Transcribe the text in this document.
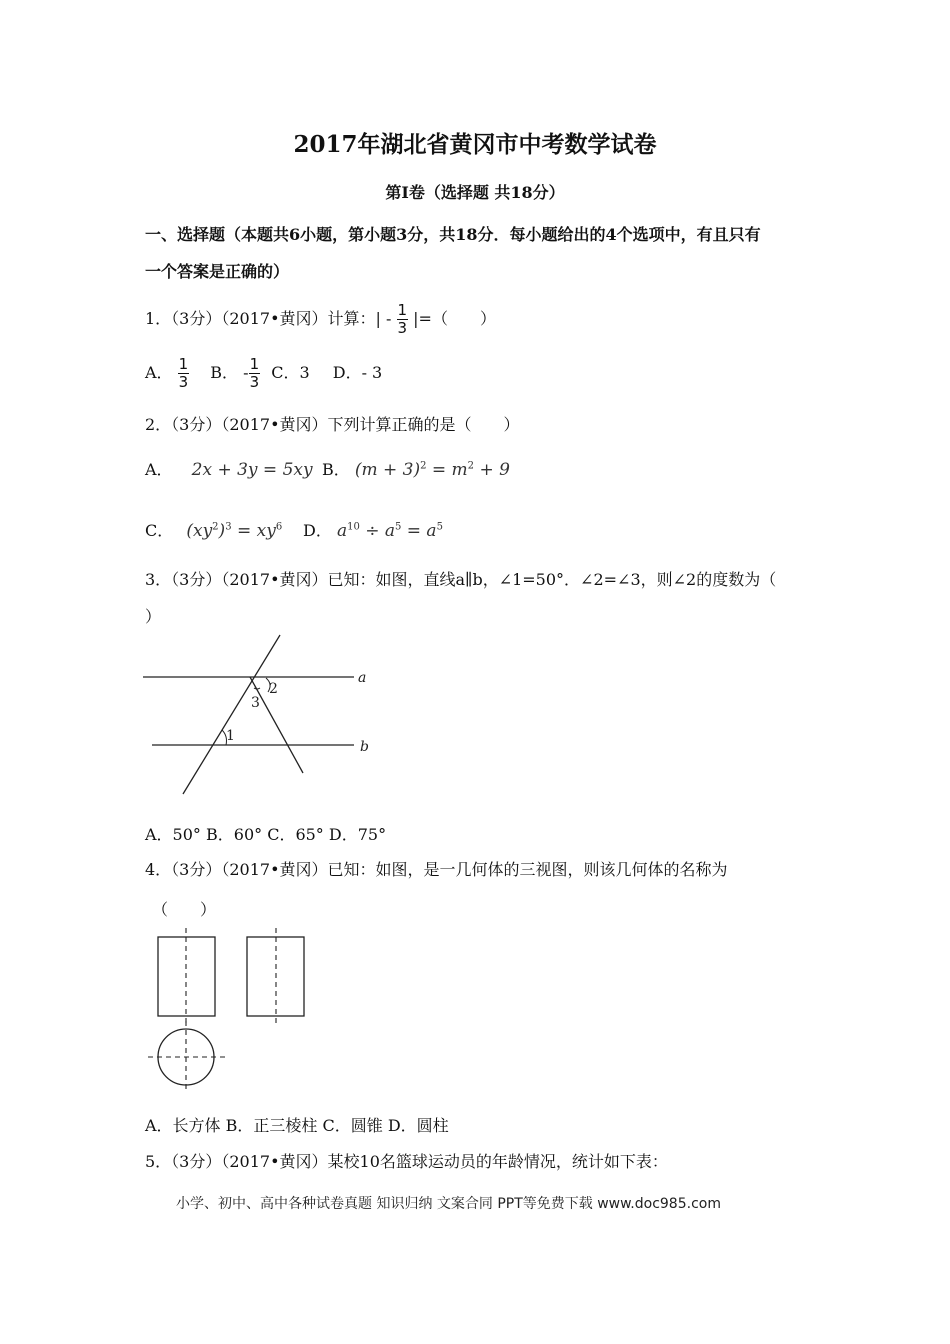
2017年湖北省黄冈市中考数学试卷
第I卷（选择题 共18分）
一、选择题（本题共6小题，第小题3分，共18分．每小题给出的4个选项中，有且只有
一个答案是正确的）
1．（3分）（2017•黄冈）计算：| - $\frac{1}{3}$ |=（　　）
A． $\frac{1}{3}$ B． - $\frac{1}{3}$ C．3 D．- 3
2．（3分）（2017•黄冈）下列计算正确的是（　　）
A． 2x + 3y = 5xy B． $(m + 3)^2 = m^2 + 9$
C． $(xy^2)^3 = xy^6$ D． $a^{10} \div a^5 = a^5$
3．（3分）（2017•黄冈）已知：如图，直线a∥b，∠1=50°．∠2=∠3，则∠2的度数为（
）
a
b
1
2
3
A．50° B．60° C．65° D．75°
4．（3分）（2017•黄冈）已知：如图，是一几何体的三视图，则该几何体的名称为
（　　）
A．长方体 B．正三棱柱 C．圆锥 D．圆柱
5．（3分）（2017•黄冈）某校10名篮球运动员的年龄情况，统计如下表：
小学、初中、高中各种试卷真题 知识归纳 文案合同 PPT等免费下载 www.doc985.com
